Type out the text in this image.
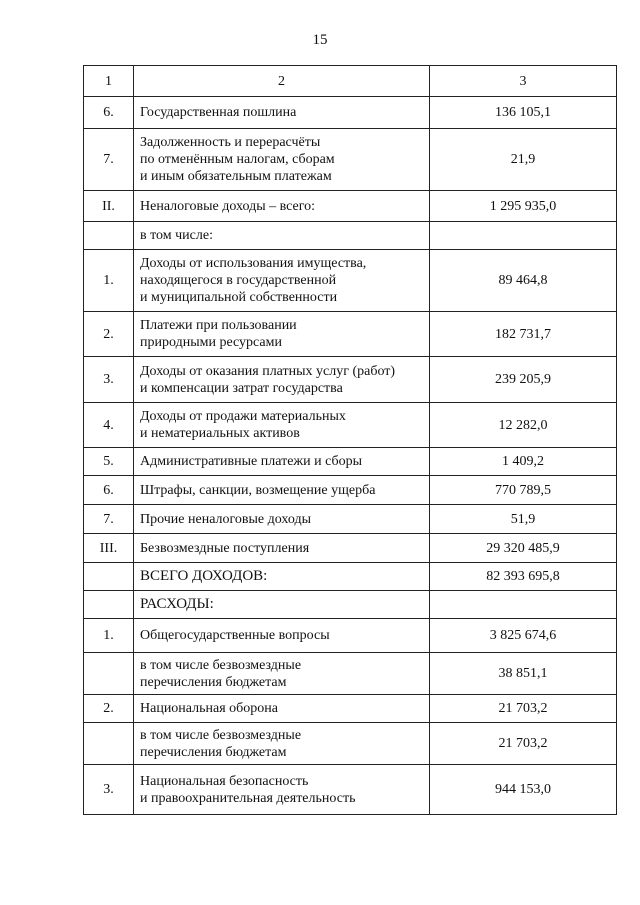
15
1	2	3
6.	Государственная пошлина	136 105,1
7.	Задолженность и перерасчёты
по отменённым налогам, сборам
и иным обязательным платежам	21,9
II.	Неналоговые доходы – всего:	1 295 935,0

	в том числе:	

1.	Доходы от использования имущества,
находящегося в государственной
и муниципальной собственности	89 464,8
2.	Платежи при пользовании
природными ресурсами	182 731,7
3.	Доходы от оказания платных услуг (работ)
и компенсации затрат государства	239 205,9
4.	Доходы от продажи материальных
и нематериальных активов	12 282,0
5.	Административные платежи и сборы	1 409,2
6.	Штрафы, санкции, возмещение ущерба	770 789,5
7.	Прочие неналоговые доходы	51,9
III.	Безвозмездные поступления	29 320 485,9

	ВСЕГО ДОХОДОВ:	82 393 695,8

	РАСХОДЫ:	

1.	Общегосударственные вопросы	3 825 674,6

	в том числе безвозмездные
перечисления бюджетам	38 851,1
2.	Национальная оборона	21 703,2

	в том числе безвозмездные
перечисления бюджетам	21 703,2
3.	Национальная безопасность
и правоохранительная деятельность	944 153,0
